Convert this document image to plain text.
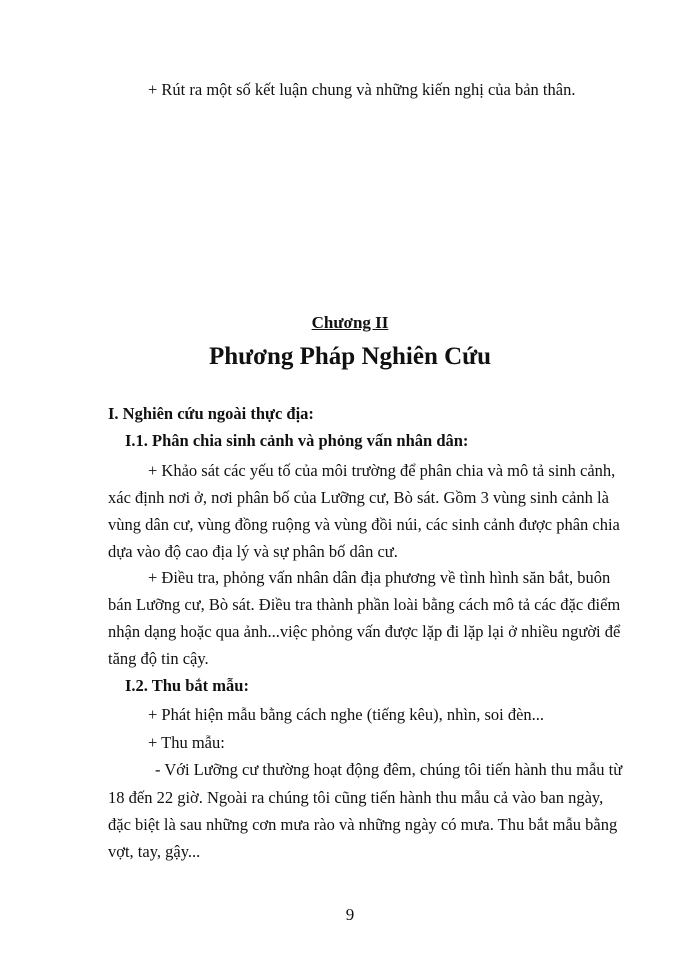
+ Rút ra một số kết luận chung và những kiến nghị của bản thân.
Chương II
Phương Pháp Nghiên Cứu
I. Nghiên cứu ngoài thực địa:
I.1. Phân chia sinh cảnh và phỏng vấn nhân dân:
+ Khảo sát các yếu tố của môi trường để phân chia và mô tả sinh cảnh,
xác định nơi ở, nơi phân bố của Lưỡng cư, Bò sát. Gồm 3 vùng sinh cảnh là
vùng dân cư, vùng đồng ruộng và vùng đồi núi, các sinh cảnh được phân chia
dựa vào độ cao địa lý và sự phân bố dân cư.
+ Điều tra, phỏng vấn nhân dân địa phương về tình hình săn bắt, buôn
bán Lưỡng cư, Bò sát. Điều tra thành phần loài bằng cách mô tả các đặc điểm
nhận dạng hoặc qua ảnh...việc phỏng vấn được lặp đi lặp lại ở nhiều người để
tăng độ tin cậy.
I.2. Thu bắt mẫu:
+ Phát hiện mẫu bằng cách nghe (tiếng kêu), nhìn, soi đèn...
+ Thu mẫu:
- Với Lưỡng cư thường hoạt động đêm, chúng tôi tiến hành thu mẫu từ
18 đến 22 giờ. Ngoài ra chúng tôi cũng tiến hành thu mẫu cả vào ban ngày,
đặc biệt là sau những cơn mưa rào và những ngày có mưa. Thu bắt mẫu bằng
vợt, tay, gậy...
9
